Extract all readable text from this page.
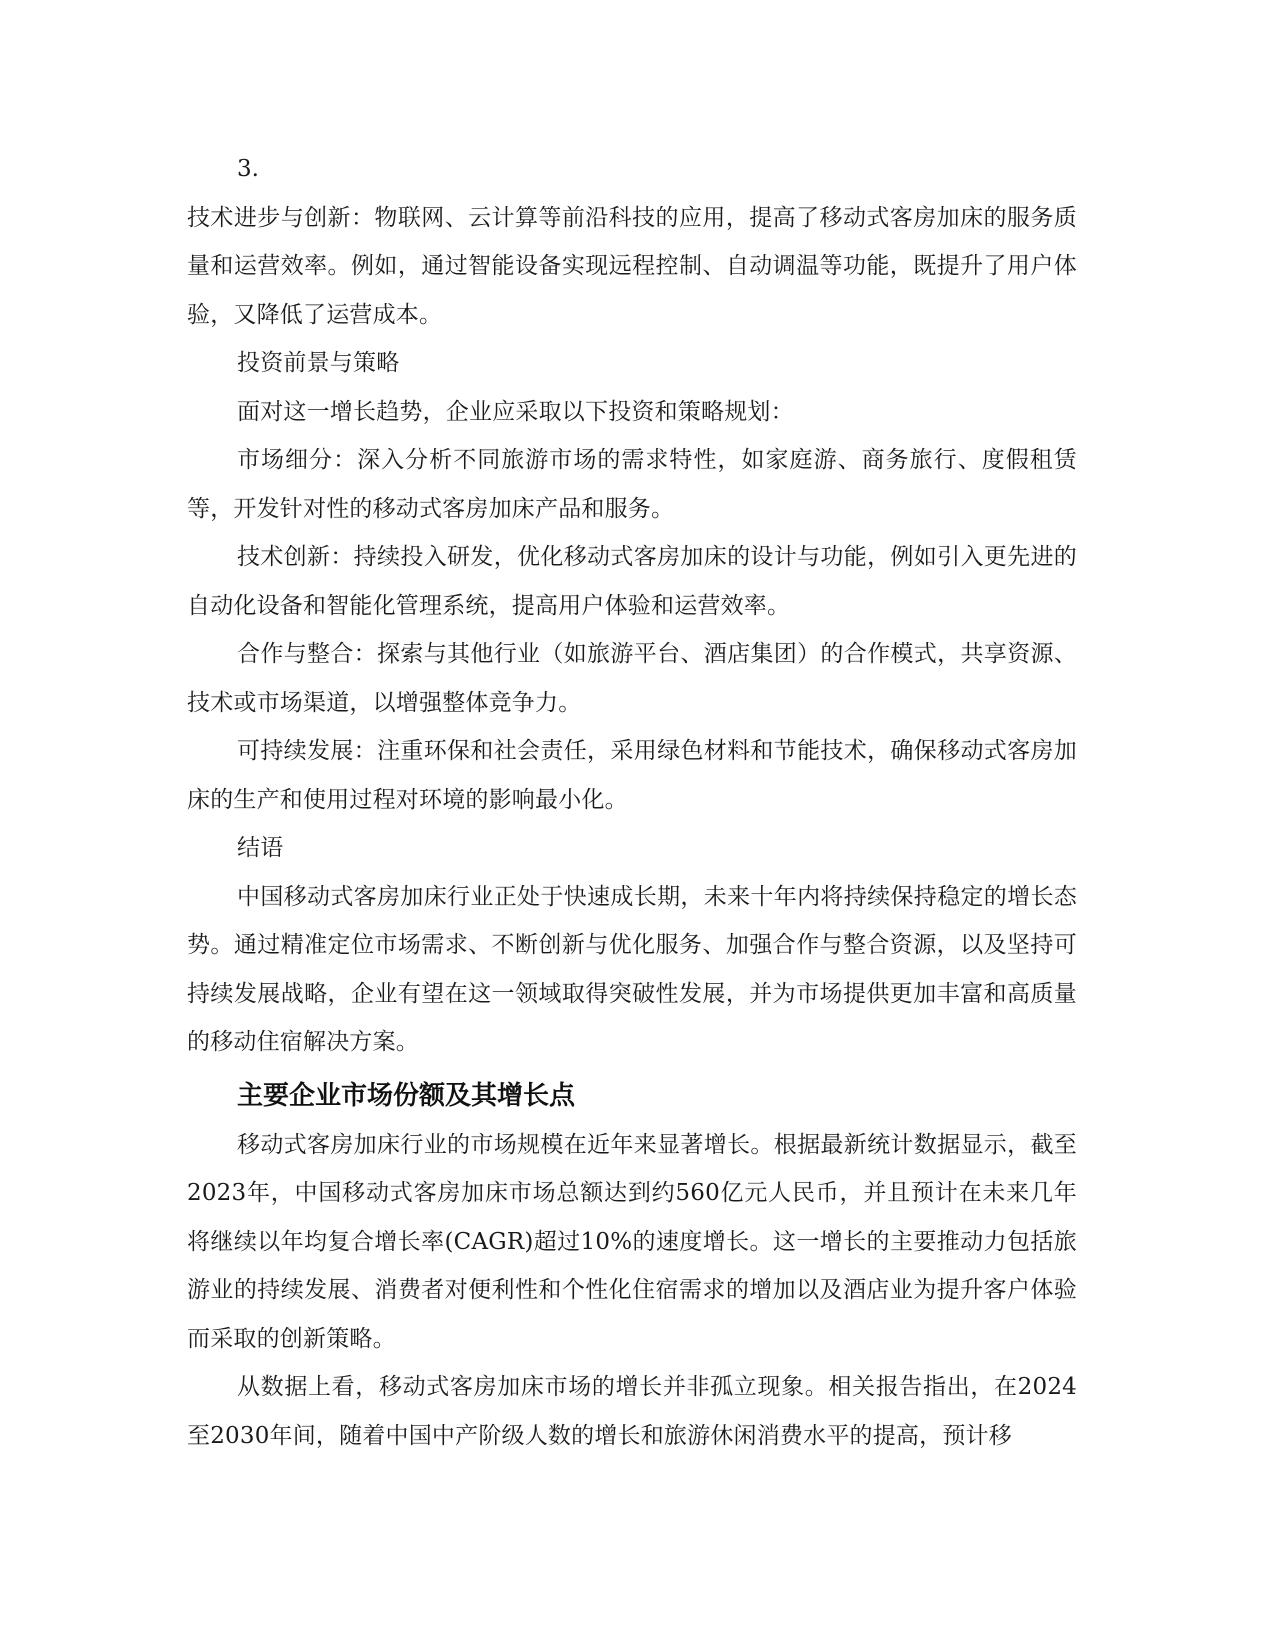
3.

技术进步与创新：物联网、云计算等前沿科技的应用，提高了移动式客房加床的服务质量和运营效率。例如，通过智能设备实现远程控制、自动调温等功能，既提升了用户体验，又降低了运营成本。

投资前景与策略

面对这一增长趋势，企业应采取以下投资和策略规划：

市场细分：深入分析不同旅游市场的需求特性，如家庭游、商务旅行、度假租赁等，开发针对性的移动式客房加床产品和服务。

技术创新：持续投入研发，优化移动式客房加床的设计与功能，例如引入更先进的自动化设备和智能化管理系统，提高用户体验和运营效率。

合作与整合：探索与其他行业（如旅游平台、酒店集团）的合作模式，共享资源、技术或市场渠道，以增强整体竞争力。

可持续发展：注重环保和社会责任，采用绿色材料和节能技术，确保移动式客房加床的生产和使用过程对环境的影响最小化。

结语

中国移动式客房加床行业正处于快速成长期，未来十年内将持续保持稳定的增长态势。通过精准定位市场需求、不断创新与优化服务、加强合作与整合资源，以及坚持可持续发展战略，企业有望在这一领域取得突破性发展，并为市场提供更加丰富和高质量的移动住宿解决方案。

主要企业市场份额及其增长点

移动式客房加床行业的市场规模在近年来显著增长。根据最新统计数据显示，截至2023年，中国移动式客房加床市场总额达到约560亿元人民币，并且预计在未来几年将继续以年均复合增长率(CAGR)超过10%的速度增长。这一增长的主要推动力包括旅游业的持续发展、消费者对便利性和个性化住宿需求的增加以及酒店业为提升客户体验而采取的创新策略。

从数据上看，移动式客房加床市场的增长并非孤立现象。相关报告指出，在2024至2030年间，随着中国中产阶级人数的增长和旅游休闲消费水平的提高，预计移
